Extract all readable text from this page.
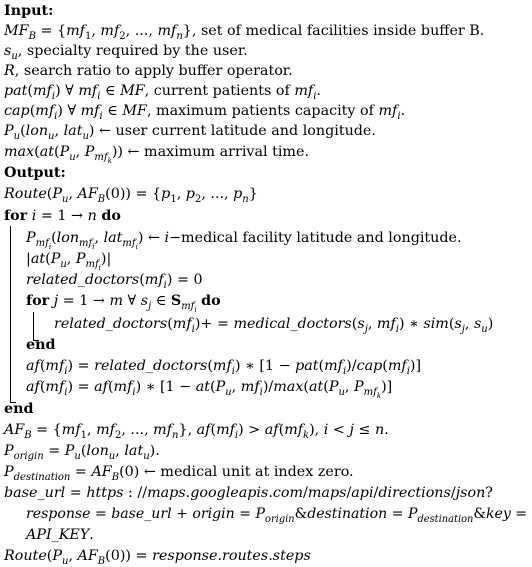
Input:
$MF_B = \{mf_1$, $mf_2$, ..., $mf_n$}, set of medical facilities inside buffer B.
$s_u$, specialty required by the user.
R, search ratio to apply buffer operator.
$pat(mf_i)$ ∀ $mf_i$ ∈ MF, current patients of $mf_i$.
$cap(mf_i)$ ∀ $mf_i$ ∈ MF, maximum patients capacity of $mf_i$.
$P_u(lon_u$, lat$_u$) ← user current latitude and longitude.
$\max(at(P_u$, $P_{mf_k}$)) ← maximum arrival time.
Output:
$Route(P_u$, $AF_B(0)) = \{p_1$, $p_2$, ..., $p_n$}
for i = 1 → n do
$P_{mf_i}(lon_{mf_i}$, lat$_{mf_i}$) ← i−medical facility latitude and longitude.
$|at(P_u$, $P_{mf_i})|$
$related\_doctors(mf_i) = 0$
for j = 1 → m ∀ $s_j$ ∈ $S_{mf_i}$ do
$related\_doctors(mf_i)+$ = $medical\_doctors(s_j$, $mf_i$) ∗ $sim(s_j$, $s_u$)
end
$af(mf_i)$ = $related\_doctors(mf_i)$ ∗ $[1 - pat(mf_i)/cap(mf_i)]$
$af(mf_i) = af(mf_i)$ ∗ [$1 - at(P_u$, $mf_i)/\max(at(P_u$, $P_{mf_k}$)]
end
$AF_B = \{mf_1$, $mf_2$, ..., $mf_n$}, $af(mf_i) > af(mf_k)$, i < j ≤ n.
$P_{origin} = P_u(lon_u$, lat$_u$).
$P_{destination} = AF_B(0)$ ← medical unit at index zero.
base_url = https : //maps.googleapis.com/maps/api/directions/json?
response = base_url + origin = $P_{origin}\&destination$ = $P_{destination}\&key$ =
API_KEY.
$Route(P_u$, $AF_B(0)$) = response.routes.steps
